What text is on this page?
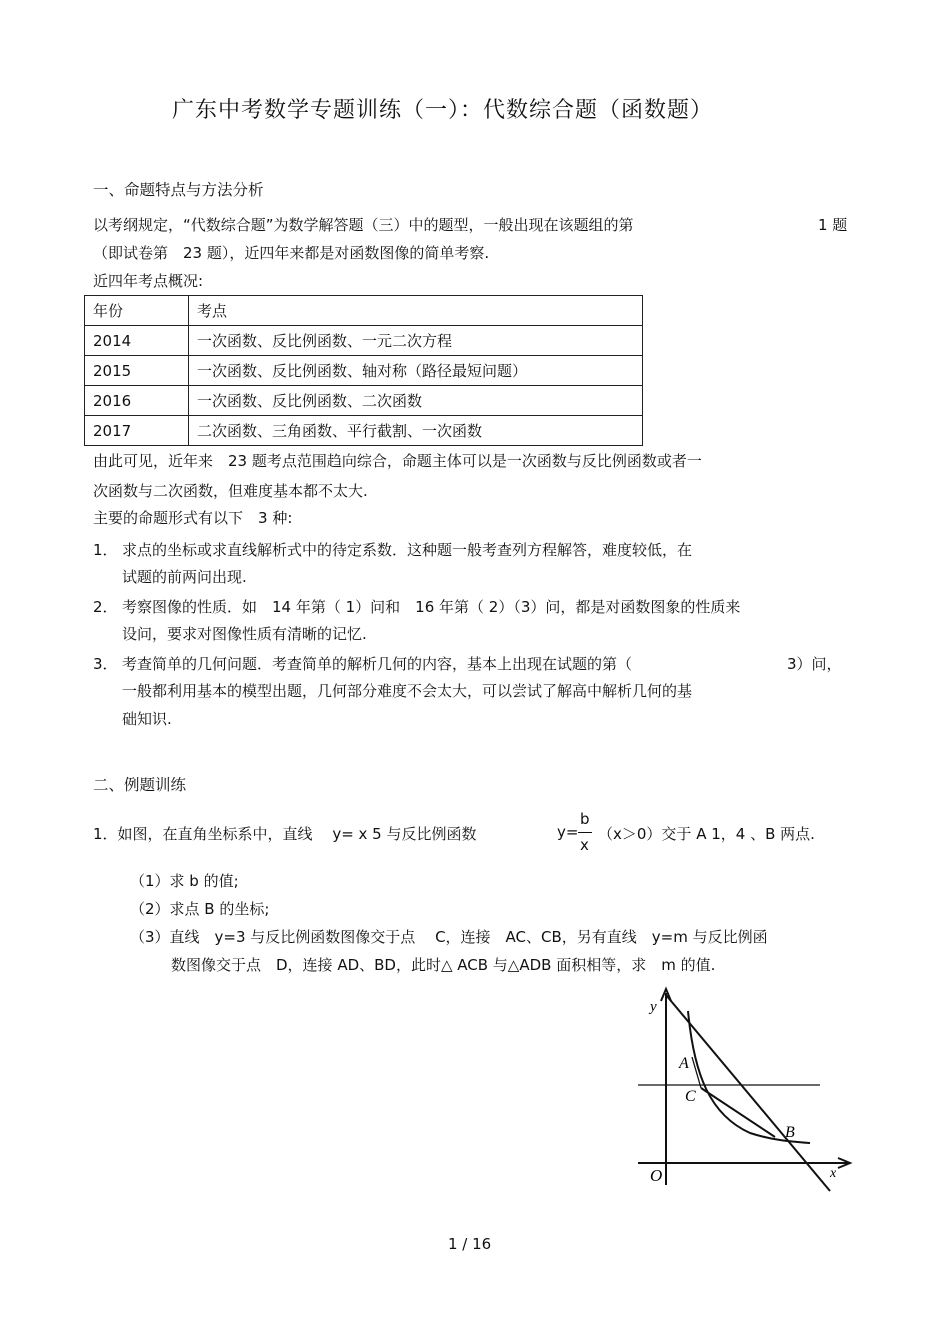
广东中考数学专题训练（一）：代数综合题（函数题）
一、命题特点与方法分析
以考纲规定，“代数综合题”为数学解答题（三）中的题型，一般出现在该题组的第	1 题
（即试卷第　23 题），近四年来都是对函数图像的简单考察.
近四年考点概况:
年份	考点
2014	一次函数、反比例函数、一元二次方程
2015	一次函数、反比例函数、轴对称（路径最短问题）
2016	一次函数、反比例函数、二次函数
2017	二次函数、三角函数、平行截割、一次函数
由此可见，近年来　23 题考点范围趋向综合，命题主体可以是一次函数与反比例函数或者一
次函数与二次函数，但难度基本都不太大.
主要的命题形式有以下　3 种:
1． 求点的坐标或求直线解析式中的待定系数．这种题一般考查列方程解答，难度较低，在
试题的前两问出现.
2． 考察图像的性质．如　14 年第（ 1）问和　16 年第（ 2）（3）问，都是对函数图象的性质来
设问，要求对图像性质有清晰的记忆.
3． 考查简单的几何问题．考查简单的解析几何的内容，基本上出现在试题的第（	3）问，
一般都利用基本的模型出题，几何部分难度不会太大，可以尝试了解高中解析几何的基
础知识.
二、例题训练
1．如图，在直角坐标系中，直线　 y= x 5 与反比例函数	y=
b
x
（x＞0）交于 A 1，4 、B 两点.
（1）求 b 的值;
（2）求点 B 的坐标;
（3）直线　y=3 与反比例函数图像交于点　 C，连接　AC、CB，另有直线　y=m 与反比例函
数图像交于点　D，连接 AD、BD，此时△ ACB 与△ADB 面积相等，求　m 的值.
y
x
O
A
C
B
1 / 16
